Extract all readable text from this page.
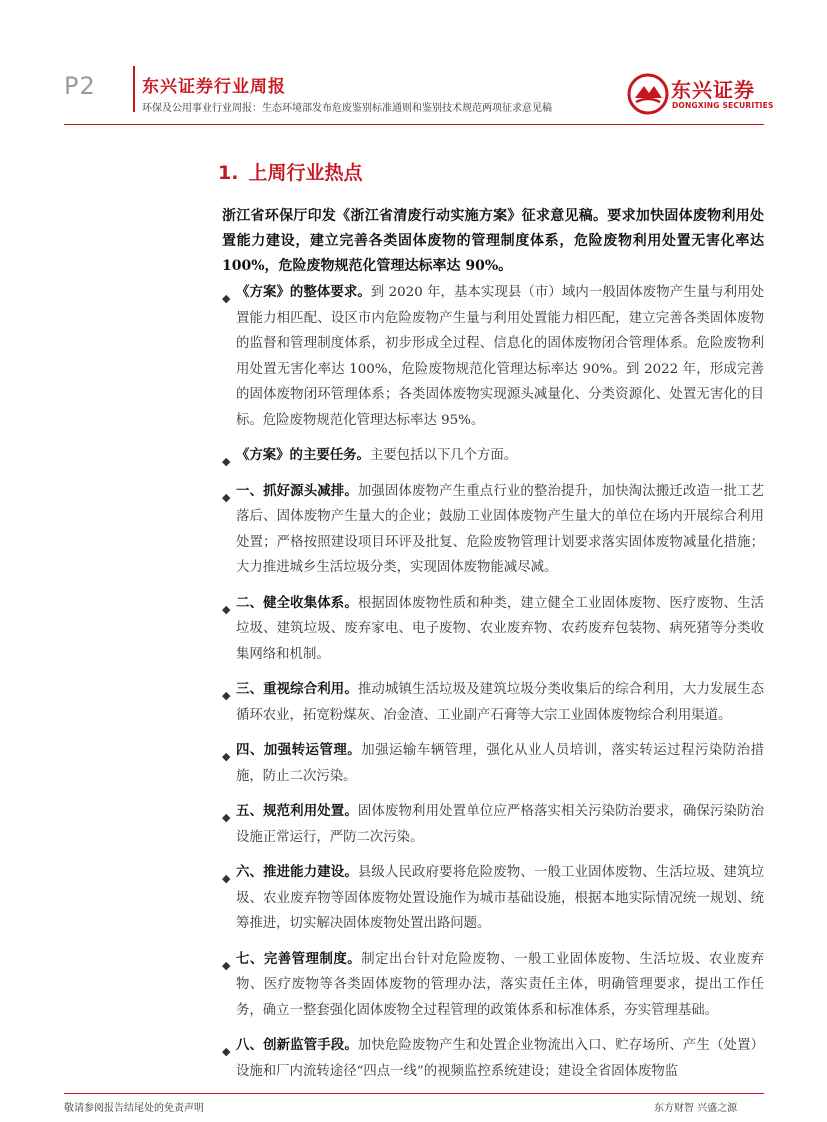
P2	东兴证券行业周报
环保及公用事业行业周报：生态环境部发布危废鉴别标准通则和鉴别技术规范两项征求意见稿
东兴证券
DONGXING SECURITIES
1. 上周行业热点
浙江省环保厅印发《浙江省清废行动实施方案》征求意见稿。要求加快固体废物利用处置能力建设，建立完善各类固体废物的管理制度体系，危险废物利用处置无害化率达 100%，危险废物规范化管理达标率达 90%。
◆ 《方案》的整体要求。到 2020 年，基本实现县（市）域内一般固体废物产生量与利用处置能力相匹配、设区市内危险废物产生量与利用处置能力相匹配，建立完善各类固体废物的监督和管理制度体系，初步形成全过程、信息化的固体废物闭合管理体系。危险废物利用处置无害化率达 100%，危险废物规范化管理达标率达 90%。到 2022 年，形成完善的固体废物闭环管理体系；各类固体废物实现源头减量化、分类资源化、处置无害化的目标。危险废物规范化管理达标率达 95%。
◆ 《方案》的主要任务。主要包括以下几个方面。
◆ 一、抓好源头减排。加强固体废物产生重点行业的整治提升，加快淘汰搬迁改造一批工艺落后、固体废物产生量大的企业；鼓励工业固体废物产生量大的单位在场内开展综合利用处置；严格按照建设项目环评及批复、危险废物管理计划要求落实固体废物减量化措施；大力推进城乡生活垃圾分类，实现固体废物能减尽减。
◆ 二、健全收集体系。根据固体废物性质和种类，建立健全工业固体废物、医疗废物、生活垃圾、建筑垃圾、废弃家电、电子废物、农业废弃物、农药废弃包装物、病死猪等分类收集网络和机制。
◆ 三、重视综合利用。推动城镇生活垃圾及建筑垃圾分类收集后的综合利用，大力发展生态循环农业，拓宽粉煤灰、冶金渣、工业副产石膏等大宗工业固体废物综合利用渠道。
◆ 四、加强转运管理。加强运输车辆管理，强化从业人员培训，落实转运过程污染防治措施，防止二次污染。
◆ 五、规范利用处置。固体废物利用处置单位应严格落实相关污染防治要求，确保污染防治设施正常运行，严防二次污染。
◆ 六、推进能力建设。县级人民政府要将危险废物、一般工业固体废物、生活垃圾、建筑垃圾、农业废弃物等固体废物处置设施作为城市基础设施，根据本地实际情况统一规划、统筹推进，切实解决固体废物处置出路问题。
◆ 七、完善管理制度。制定出台针对危险废物、一般工业固体废物、生活垃圾、农业废弃物、医疗废物等各类固体废物的管理办法，落实责任主体，明确管理要求，提出工作任务，确立一整套强化固体废物全过程管理的政策体系和标准体系，夯实管理基础。
◆ 八、创新监管手段。加快危险废物产生和处置企业物流出入口、贮存场所、产生（处置）设施和厂内流转途径“四点一线”的视频监控系统建设；建设全省固体废物监
敬请参阅报告结尾处的免责声明	东方财智 兴盛之源
